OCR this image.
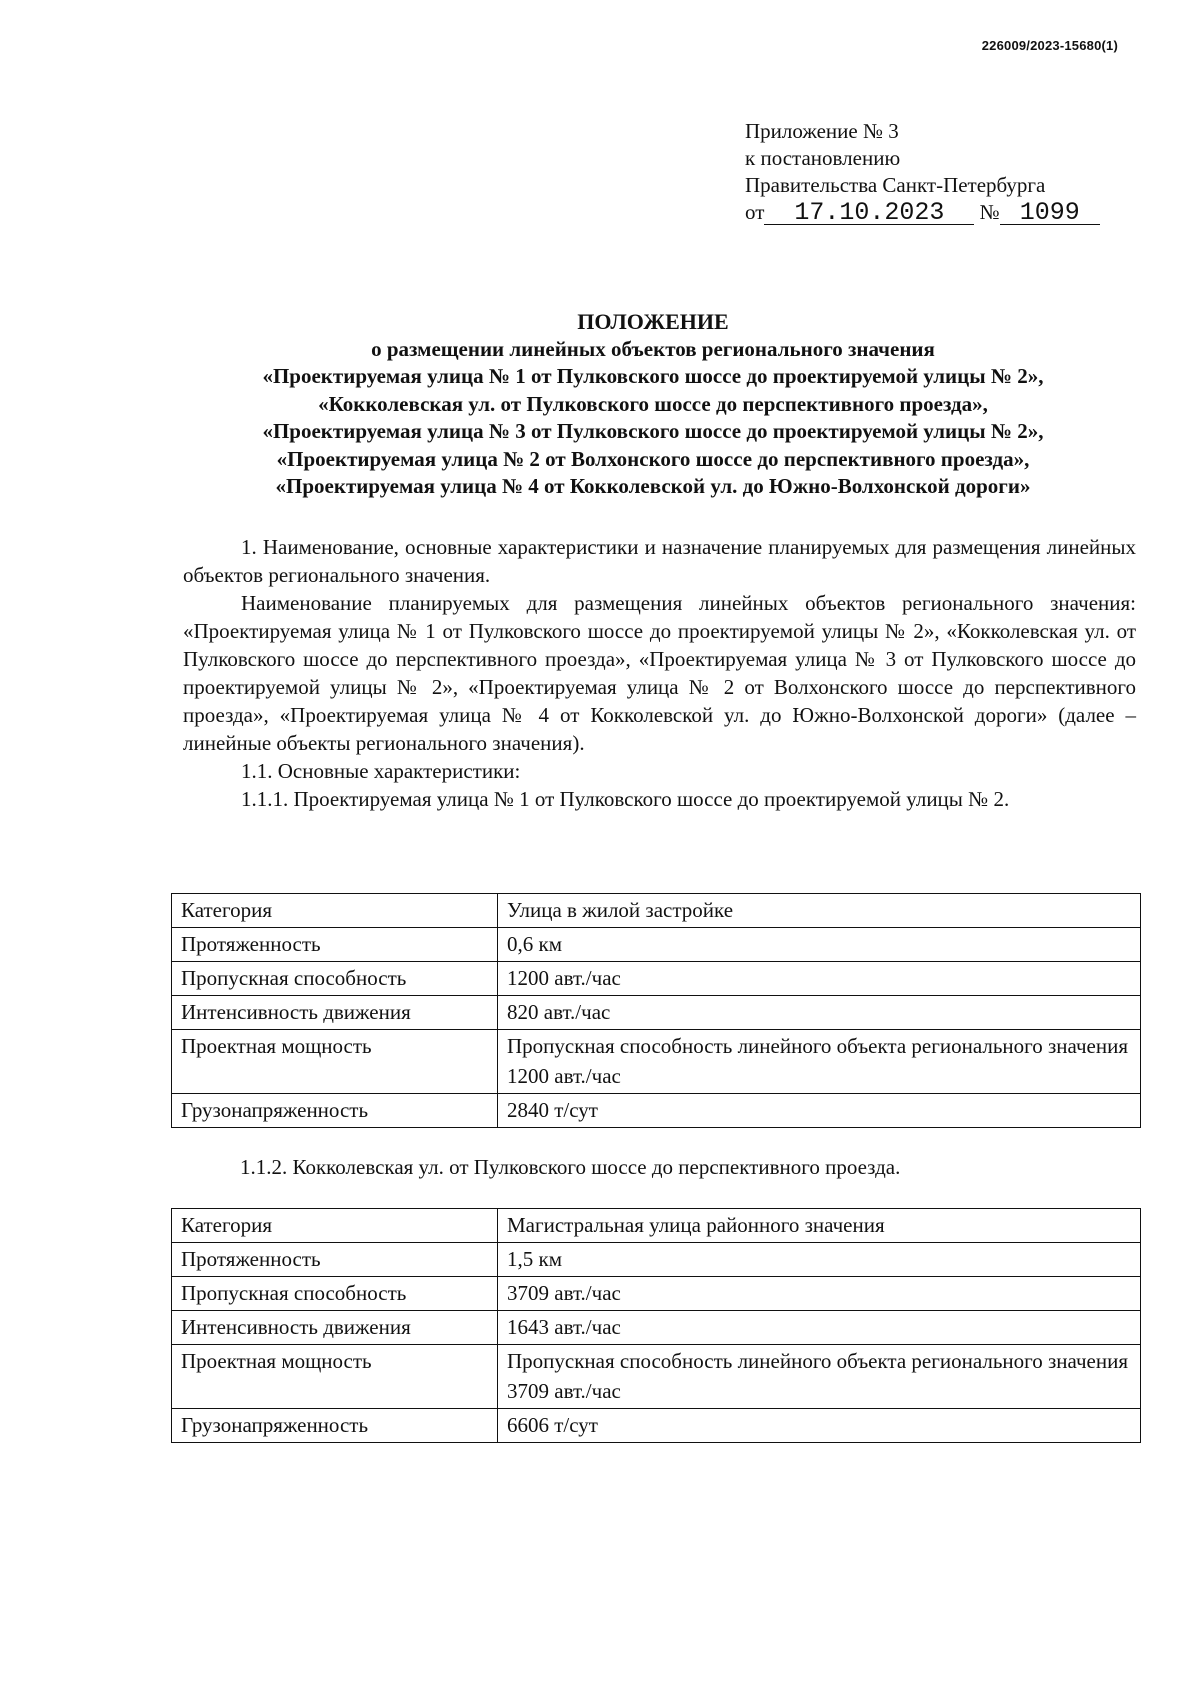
226009/2023-15680(1)
Приложение № 3
к постановлению
Правительства Санкт-Петербурга
от 17.10.2023 № 1099
ПОЛОЖЕНИЕ
о размещении линейных объектов регионального значения
«Проектируемая улица № 1 от Пулковского шоссе до проектируемой улицы № 2»,
«Кокколевская ул. от Пулковского шоссе до перспективного проезда»,
«Проектируемая улица № 3 от Пулковского шоссе до проектируемой улицы № 2»,
«Проектируемая улица № 2 от Волхонского шоссе до перспективного проезда»,
«Проектируемая улица № 4 от Кокколевской ул. до Южно-Волхонской дороги»

1. Наименование, основные характеристики и назначение планируемых для размещения линейных объектов регионального значения.

Наименование планируемых для размещения линейных объектов регионального значения: «Проектируемая улица № 1 от Пулковского шоссе до проектируемой улицы № 2», «Кокколевская ул. от Пулковского шоссе до перспективного проезда», «Проектируемая улица № 3 от Пулковского шоссе до проектируемой улицы № 2», «Проектируемая улица № 2 от Волхонского шоссе до перспективного проезда», «Проектируемая улица № 4 от Кокколевской ул. до Южно-Волхонской дороги» (далее – линейные объекты регионального значения).

1.1. Основные характеристики:

1.1.1. Проектируемая улица № 1 от Пулковского шоссе до проектируемой улицы № 2.

Категория	Улица в жилой застройке
Протяженность	0,6 км
Пропускная способность	1200 авт./час
Интенсивность движения	820 авт./час
Проектная мощность	Пропускная способность линейного объекта регионального значения 1200 авт./час
Грузонапряженность	2840 т/сут
1.1.2. Кокколевская ул. от Пулковского шоссе до перспективного проезда.
Категория	Магистральная улица районного значения
Протяженность	1,5 км
Пропускная способность	3709 авт./час
Интенсивность движения	1643 авт./час
Проектная мощность	Пропускная способность линейного объекта регионального значения 3709 авт./час
Грузонапряженность	6606 т/сут
